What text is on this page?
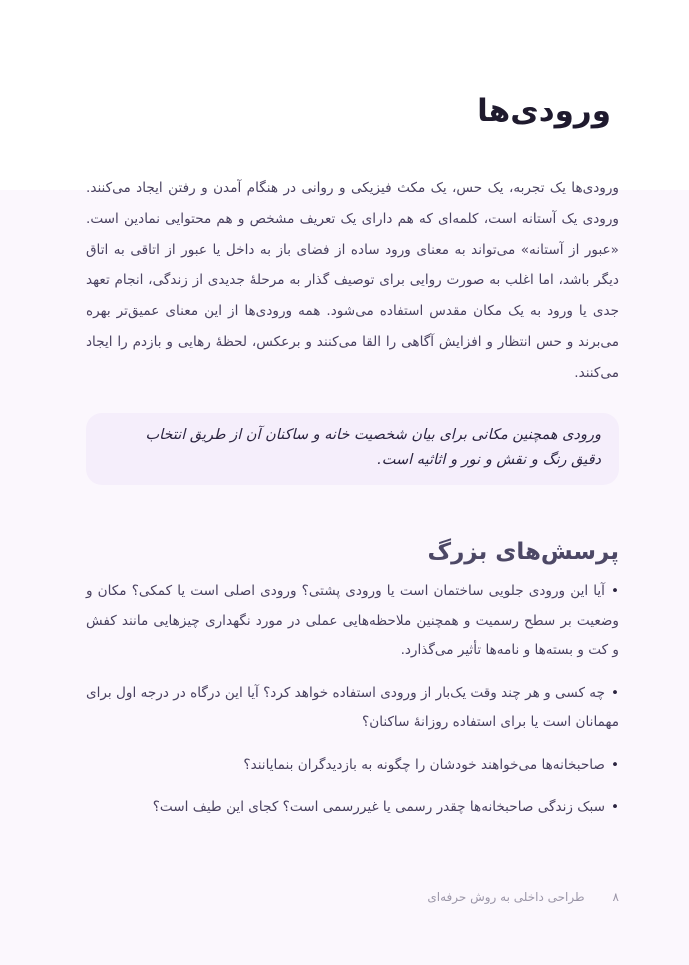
ورودی‌ها

ورودی‌ها یک تجربه، یک حس، یک مکث فیزیکی و روانی در هنگام آمدن و رفتن ایجاد می‌کنند. ورودی یک آستانه است، کلمه‌ای که هم دارای یک تعریف مشخص و هم محتوایی نمادین است. «عبور از آستانه» می‌تواند به معنای ورود ساده از فضای باز به داخل یا عبور از اتاقی به اتاق دیگر باشد، اما اغلب به صورت روایی برای توصیف گذار به مرحلهٔ جدیدی از زندگی، انجام تعهد جدی یا ورود به یک مکان مقدس استفاده می‌شود. همه ورودی‌ها از این معنای عمیق‌تر بهره می‌برند و حس انتظار و افزایش آگاهی را القا می‌کنند و برعکس، لحظهٔ رهایی و بازدم را ایجاد می‌کنند.

ورودی همچنین مکانی برای بیان شخصیت خانه و ساکنان آن از طریق انتخاب

دقیق رنگ و نقش و نور و اثاثیه است.

پرسش‌های بزرگ
•آیا این ورودی جلویی ساختمان است یا ورودی پشتی؟ ورودی اصلی است یا کمکی؟ مکان و وضعیت بر سطح رسمیت و همچنین ملاحظه‌هایی عملی در مورد نگهداری چیزهایی مانند کفش و کت و بسته‌ها و نامه‌ها تأثیر می‌گذارد.
•چه کسی و هر چند وقت یک‌بار از ورودی استفاده خواهد کرد؟ آیا این درگاه در درجه اول برای مهمانان است یا برای استفاده روزانهٔ ساکنان؟
•صاحبخانه‌ها می‌خواهند خودشان را چگونه به بازدیدگران بنمایانند؟
•سبک زندگی صاحبخانه‌ها چقدر رسمی یا غیررسمی است؟ کجای این طیف است؟
۸طراحی داخلی به روش حرفه‌ای
